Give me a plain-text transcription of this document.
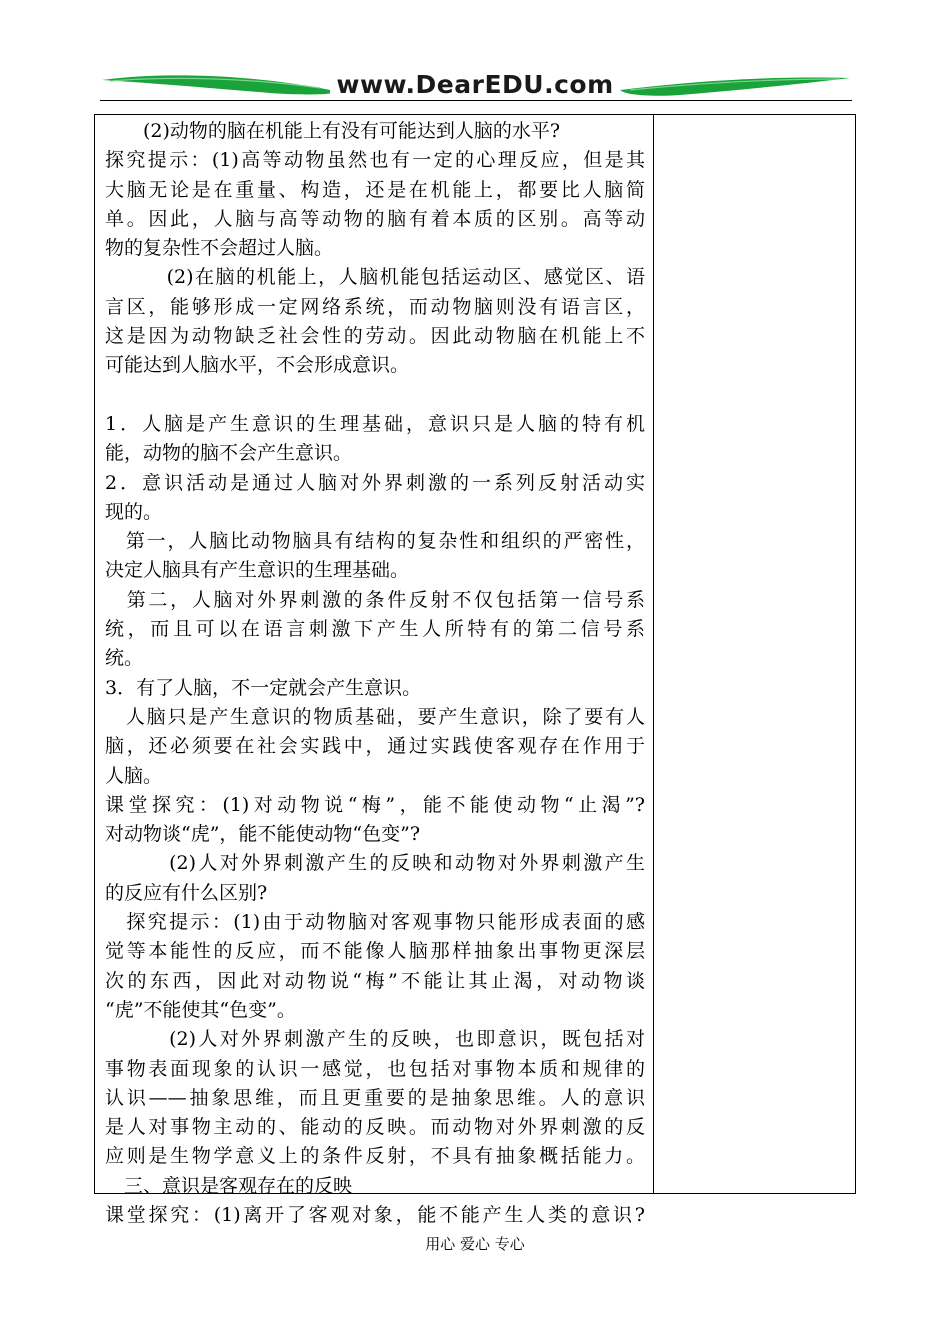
www.DearEDU.com
　　(2)动物的脑在机能上有没有可能达到人脑的水平?
探究提示：(1)高等动物虽然也有一定的心理反应，但是其
大脑无论是在重量、构造，还是在机能上，都要比人脑简
单。因此，人脑与高等动物的脑有着本质的区别。高等动
物的复杂性不会超过人脑。
　　　(2)在脑的机能上，人脑机能包括运动区、感觉区、语
言区，能够形成一定网络系统，而动物脑则没有语言区，
这是因为动物缺乏社会性的劳动。因此动物脑在机能上不
可能达到人脑水平，不会形成意识。
1．人脑是产生意识的生理基础，意识只是人脑的特有机
能，动物的脑不会产生意识。
2．意识活动是通过人脑对外界刺激的一系列反射活动实
现的。
　第一，人脑比动物脑具有结构的复杂性和组织的严密性，
决定人脑具有产生意识的生理基础。
　第二，人脑对外界刺激的条件反射不仅包括第一信号系
统，而且可以在语言刺激下产生人所特有的第二信号系
统。
3．有了人脑，不一定就会产生意识。
　人脑只是产生意识的物质基础，要产生意识，除了要有人
脑，还必须要在社会实践中，通过实践使客观存在作用于
人脑。
课堂探究：(1)对动物说“梅”，能不能使动物“止渴”?
对动物谈“虎”，能不能使动物“色变”?
　　　(2)人对外界刺激产生的反映和动物对外界刺激产生
的反应有什么区别?
　探究提示：(1)由于动物脑对客观事物只能形成表面的感
觉等本能性的反应，而不能像人脑那样抽象出事物更深层
次的东西，因此对动物说“梅”不能让其止渴，对动物谈
“虎”不能使其“色变”。
　　　(2)人对外界刺激产生的反映，也即意识，既包括对
事物表面现象的认识一感觉，也包括对事物本质和规律的
认识——抽象思维，而且更重要的是抽象思维。人的意识
是人对事物主动的、能动的反映。而动物对外界刺激的反
应则是生物学意义上的条件反射，不具有抽象概括能力。
　三、意识是客观存在的反映
课堂探究：(1)离开了客观对象，能不能产生人类的意识?
用心 爱心 专心
